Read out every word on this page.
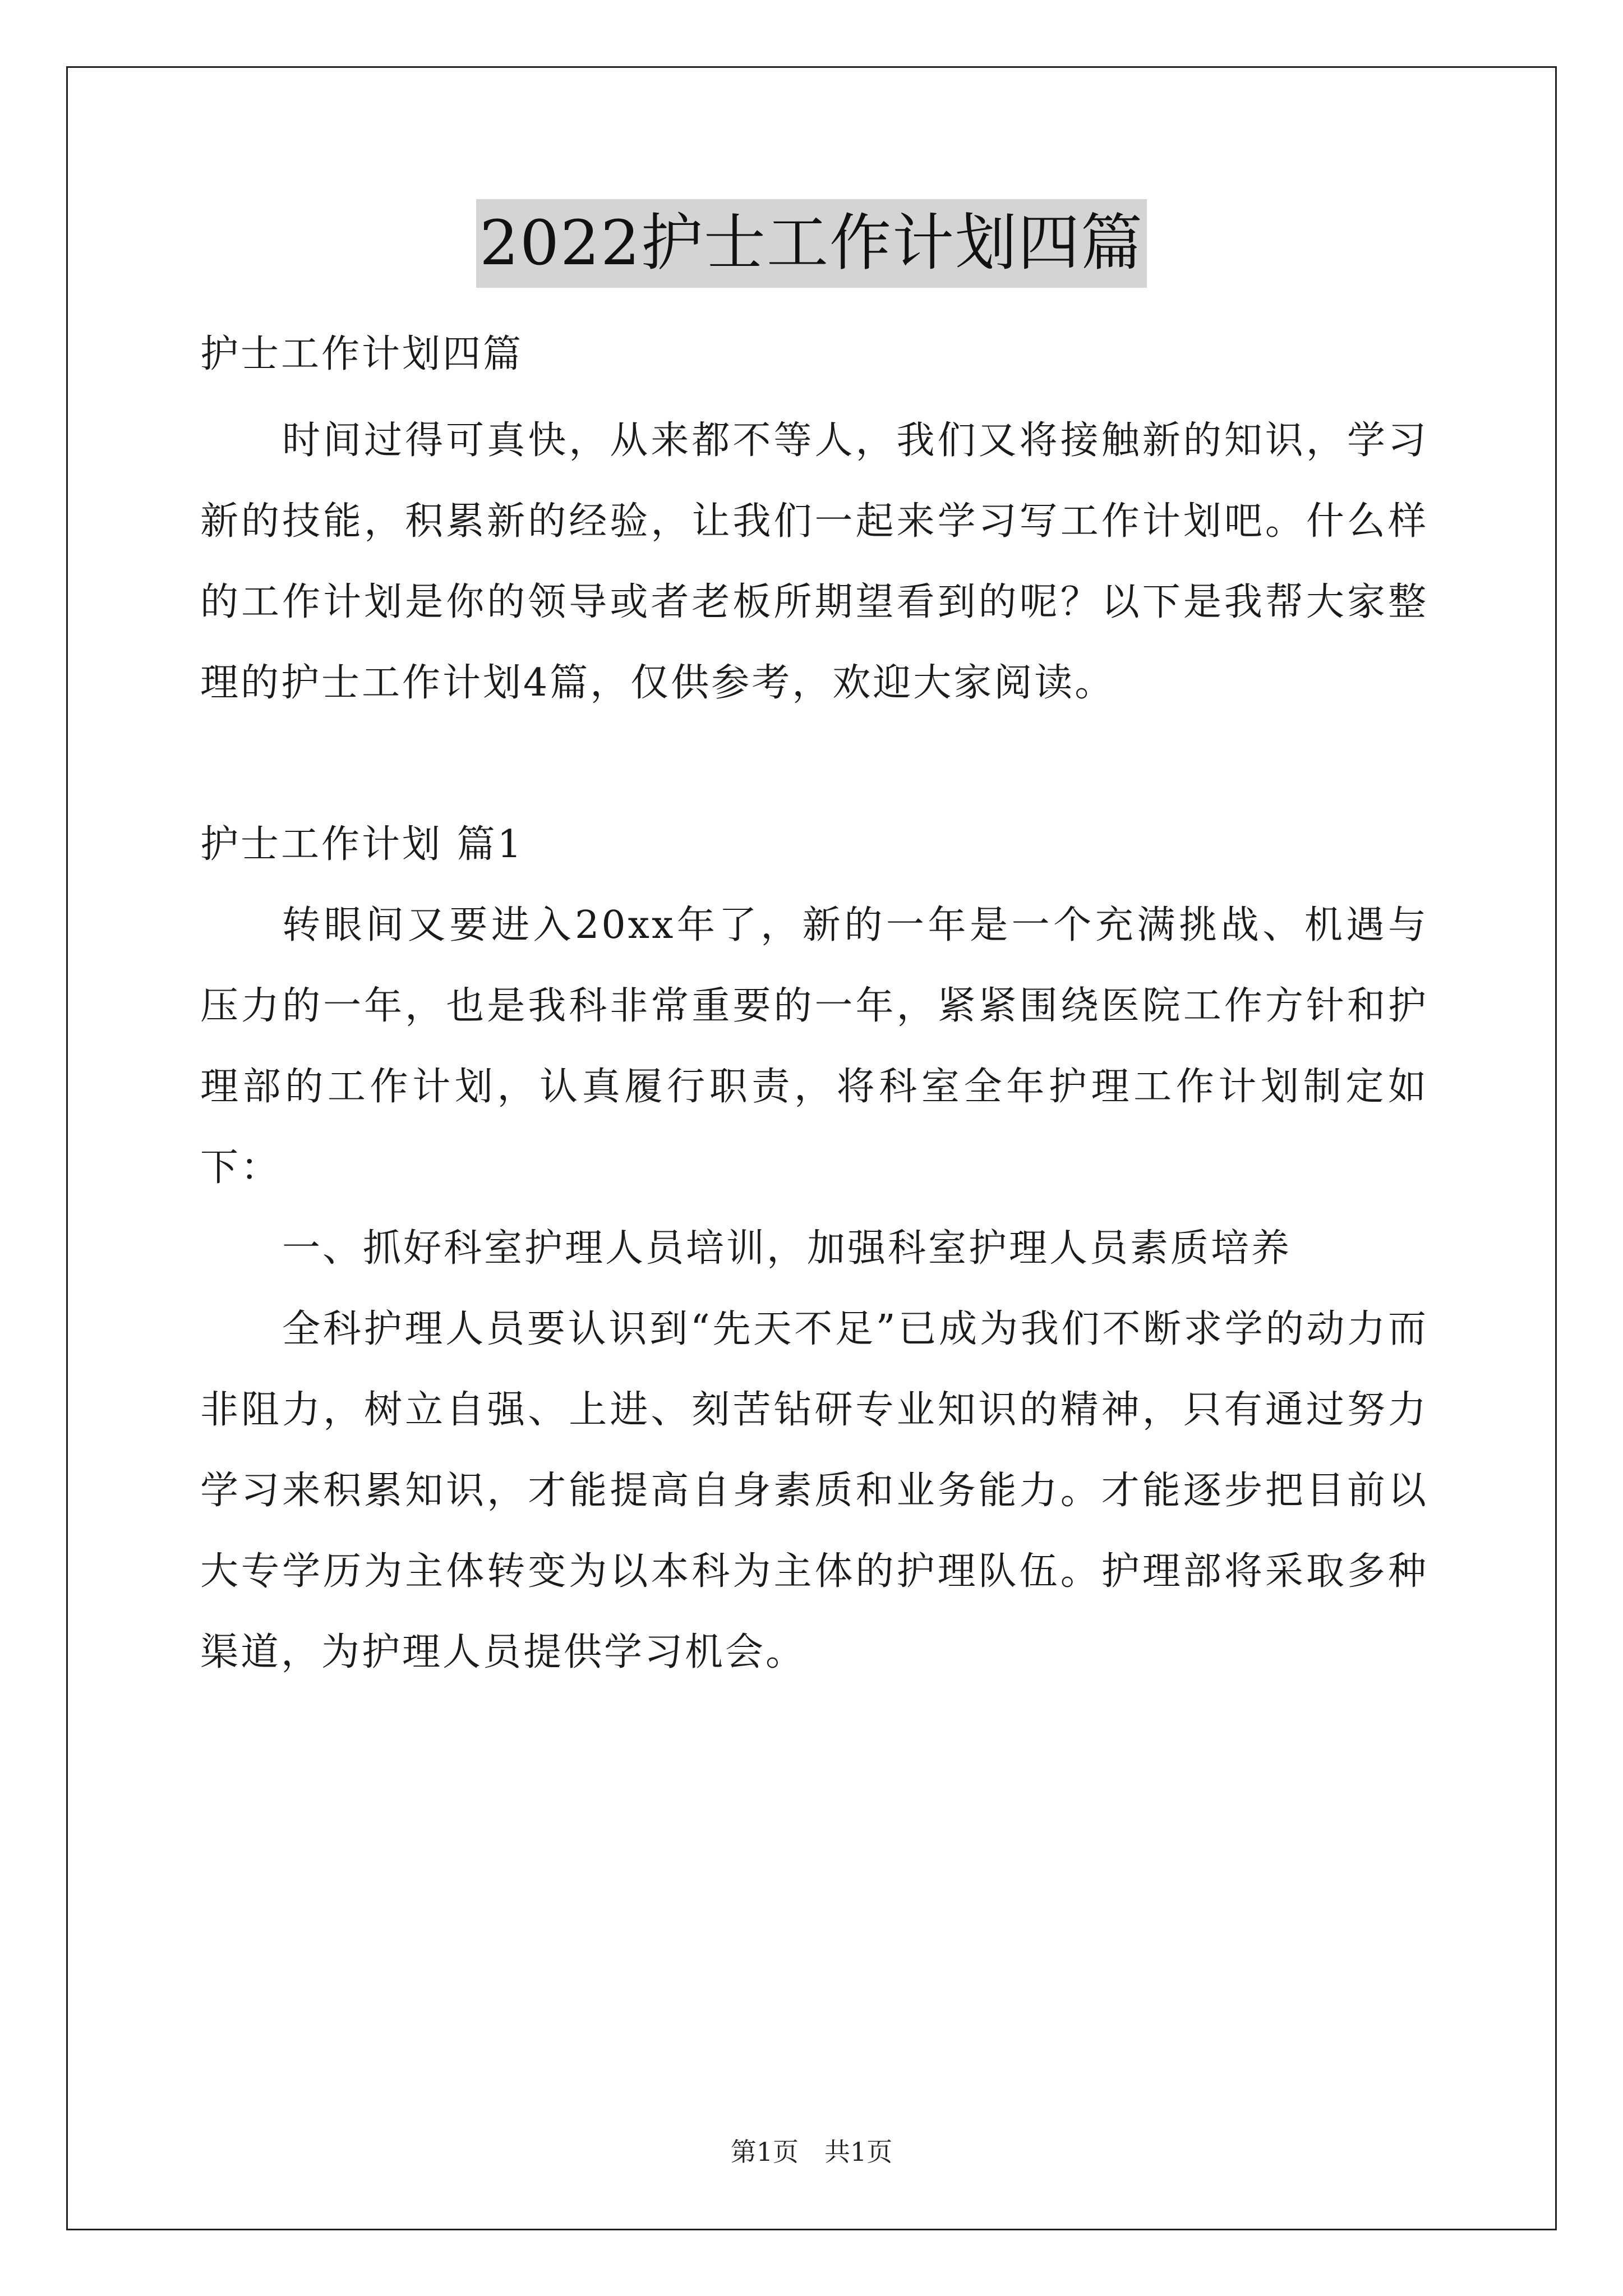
2022护士工作计划四篇

护士工作计划四篇

时间过得可真快，从来都不等人，我们又将接触新的知识，学习新的技能，积累新的经验，让我们一起来学习写工作计划吧。什么样的工作计划是你的领导或者老板所期望看到的呢？以下是我帮大家整理的护士工作计划4篇，仅供参考，欢迎大家阅读。

护士工作计划 篇1

转眼间又要进入20xx年了，新的一年是一个充满挑战、机遇与压力的一年，也是我科非常重要的一年，紧紧围绕医院工作方针和护理部的工作计划，认真履行职责，将科室全年护理工作计划制定如下：

一、抓好科室护理人员培训，加强科室护理人员素质培养

全科护理人员要认识到“先天不足”已成为我们不断求学的动力而非阻力，树立自强、上进、刻苦钻研专业知识的精神，只有通过努力学习来积累知识，才能提高自身素质和业务能力。才能逐步把目前以大专学历为主体转变为以本科为主体的护理队伍。护理部将采取多种渠道，为护理人员提供学习机会。

第1页　共1页
